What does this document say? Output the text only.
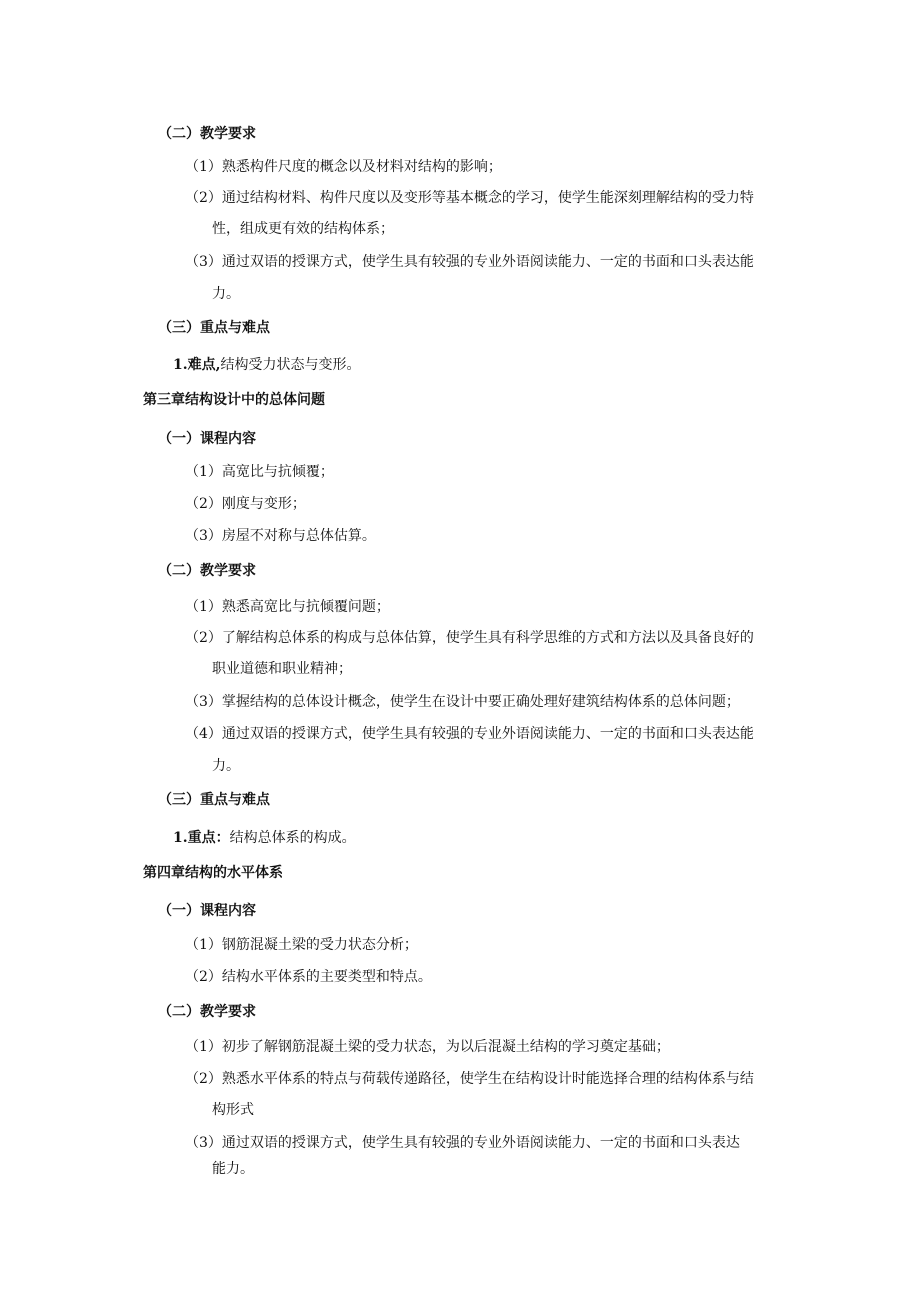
（二）教学要求
（1）熟悉构件尺度的概念以及材料对结构的影响；
（2）通过结构材料、构件尺度以及变形等基本概念的学习，使学生能深刻理解结构的受力特
性，组成更有效的结构体系；
（3）通过双语的授课方式，使学生具有较强的专业外语阅读能力、一定的书面和口头表达能
力。
（三）重点与难点
1.难点,结构受力状态与变形。
第三章结构设计中的总体问题
（一）课程内容
（1）高宽比与抗倾覆；
（2）刚度与变形；
（3）房屋不对称与总体估算。
（二）教学要求
（1）熟悉高宽比与抗倾覆问题；
（2）了解结构总体系的构成与总体估算，使学生具有科学思维的方式和方法以及具备良好的
职业道德和职业精神；
（3）掌握结构的总体设计概念，使学生在设计中要正确处理好建筑结构体系的总体问题；
（4）通过双语的授课方式，使学生具有较强的专业外语阅读能力、一定的书面和口头表达能
力。
（三）重点与难点
1.重点：结构总体系的构成。
第四章结构的水平体系
（一）课程内容
（1）钢筋混凝土梁的受力状态分析；
（2）结构水平体系的主要类型和特点。
（二）教学要求
（1）初步了解钢筋混凝土梁的受力状态，为以后混凝土结构的学习奠定基础；
（2）熟悉水平体系的特点与荷载传递路径，使学生在结构设计时能选择合理的结构体系与结
构形式
（3）通过双语的授课方式，使学生具有较强的专业外语阅读能力、一定的书面和口头表达
能力。
